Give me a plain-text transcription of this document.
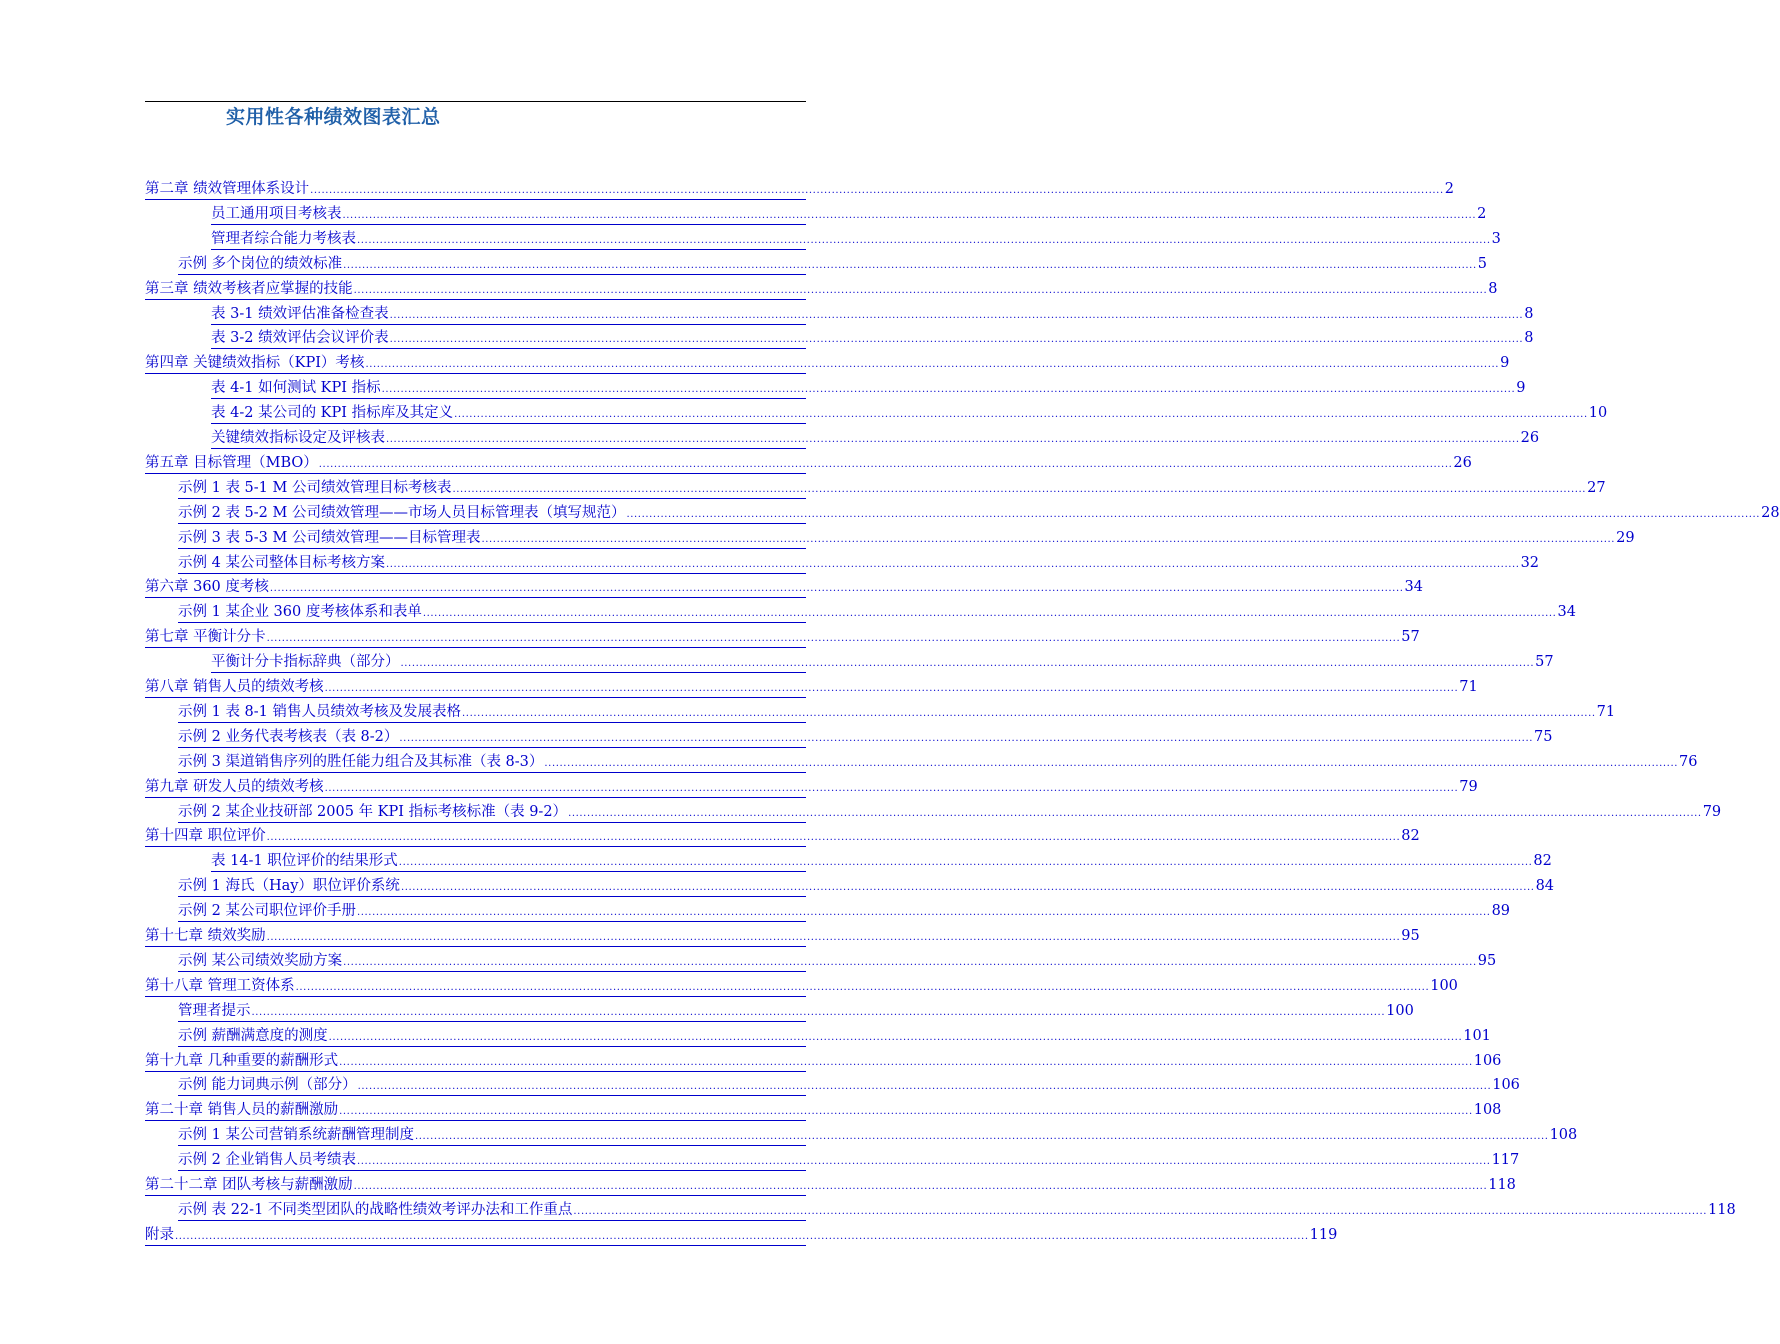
实用性各种绩效图表汇总
第二章 绩效管理体系设计 ............................................................................................................................................................................................................................................................................................................ 2
员工通用项目考核表 ............................................................................................................................................................................................................................................................................................................ 2
管理者综合能力考核表 ............................................................................................................................................................................................................................................................................................................ 3
示例 多个岗位的绩效标准 ............................................................................................................................................................................................................................................................................................................ 5
第三章 绩效考核者应掌握的技能 ............................................................................................................................................................................................................................................................................................................ 8
表 3-1 绩效评估准备检查表 ............................................................................................................................................................................................................................................................................................................ 8
表 3-2 绩效评估会议评价表 ............................................................................................................................................................................................................................................................................................................ 8
第四章 关键绩效指标（KPI）考核 ............................................................................................................................................................................................................................................................................................................ 9
表 4-1 如何测试 KPI 指标 ............................................................................................................................................................................................................................................................................................................ 9
表 4-2 某公司的 KPI 指标库及其定义 ............................................................................................................................................................................................................................................................................................................ 10
关键绩效指标设定及评核表 ............................................................................................................................................................................................................................................................................................................ 26
第五章 目标管理（MBO） ............................................................................................................................................................................................................................................................................................................ 26
示例 1 表 5-1 M 公司绩效管理目标考核表 ............................................................................................................................................................................................................................................................................................................ 27
示例 2 表 5-2 M 公司绩效管理——市场人员目标管理表（填写规范） ............................................................................................................................................................................................................................................................................................................ 28
示例 3 表 5-3 M 公司绩效管理——目标管理表 ............................................................................................................................................................................................................................................................................................................ 29
示例 4 某公司整体目标考核方案 ............................................................................................................................................................................................................................................................................................................ 32
第六章 360 度考核 ............................................................................................................................................................................................................................................................................................................ 34
示例 1 某企业 360 度考核体系和表单 ............................................................................................................................................................................................................................................................................................................ 34
第七章 平衡计分卡 ............................................................................................................................................................................................................................................................................................................ 57
平衡计分卡指标辞典（部分） ............................................................................................................................................................................................................................................................................................................ 57
第八章 销售人员的绩效考核 ............................................................................................................................................................................................................................................................................................................ 71
示例 1 表 8-1 销售人员绩效考核及发展表格 ............................................................................................................................................................................................................................................................................................................ 71
示例 2 业务代表考核表（表 8-2） ............................................................................................................................................................................................................................................................................................................ 75
示例 3 渠道销售序列的胜任能力组合及其标准（表 8-3） ............................................................................................................................................................................................................................................................................................................ 76
第九章 研发人员的绩效考核 ............................................................................................................................................................................................................................................................................................................ 79
示例 2 某企业技研部 2005 年 KPI 指标考核标准（表 9-2） ............................................................................................................................................................................................................................................................................................................ 79
第十四章 职位评价 ............................................................................................................................................................................................................................................................................................................ 82
表 14-1 职位评价的结果形式 ............................................................................................................................................................................................................................................................................................................ 82
示例 1 海氏（Hay）职位评价系统 ............................................................................................................................................................................................................................................................................................................ 84
示例 2 某公司职位评价手册 ............................................................................................................................................................................................................................................................................................................ 89
第十七章 绩效奖励 ............................................................................................................................................................................................................................................................................................................ 95
示例 某公司绩效奖励方案 ............................................................................................................................................................................................................................................................................................................ 95
第十八章 管理工资体系 ............................................................................................................................................................................................................................................................................................................ 100
管理者提示 ............................................................................................................................................................................................................................................................................................................ 100
示例 薪酬满意度的测度 ............................................................................................................................................................................................................................................................................................................ 101
第十九章 几种重要的薪酬形式 ............................................................................................................................................................................................................................................................................................................ 106
示例 能力词典示例（部分） ............................................................................................................................................................................................................................................................................................................ 106
第二十章 销售人员的薪酬激励 ............................................................................................................................................................................................................................................................................................................ 108
示例 1 某公司营销系统薪酬管理制度 ............................................................................................................................................................................................................................................................................................................ 108
示例 2 企业销售人员考绩表 ............................................................................................................................................................................................................................................................................................................ 117
第二十二章 团队考核与薪酬激励 ............................................................................................................................................................................................................................................................................................................ 118
示例 表 22-1 不同类型团队的战略性绩效考评办法和工作重点 ............................................................................................................................................................................................................................................................................................................ 118
附录 ............................................................................................................................................................................................................................................................................................................ 119
